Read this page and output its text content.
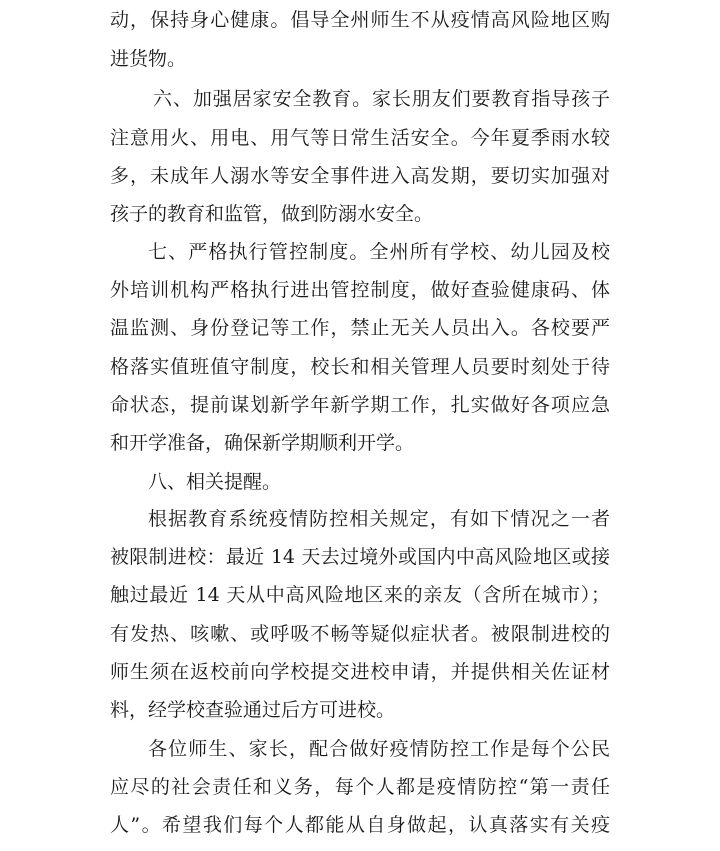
动，保持身心健康。倡导全州师生不从疫情高风险地区购
进货物。
六、加强居家安全教育。家长朋友们要教育指导孩子
注意用火、用电、用气等日常生活安全。今年夏季雨水较
多，未成年人溺水等安全事件进入高发期，要切实加强对
孩子的教育和监管，做到防溺水安全。
七、严格执行管控制度。全州所有学校、幼儿园及校
外培训机构严格执行进出管控制度，做好查验健康码、体
温监测、身份登记等工作，禁止无关人员出入。各校要严
格落实值班值守制度，校长和相关管理人员要时刻处于待
命状态，提前谋划新学年新学期工作，扎实做好各项应急
和开学准备，确保新学期顺利开学。
八、相关提醒。
根据教育系统疫情防控相关规定，有如下情况之一者
被限制进校：最近 14 天去过境外或国内中高风险地区或接
触过最近 14 天从中高风险地区来的亲友（含所在城市）；
有发热、咳嗽、或呼吸不畅等疑似症状者。被限制进校的
师生须在返校前向学校提交进校申请，并提供相关佐证材
料，经学校查验通过后方可进校。
各位师生、家长，配合做好疫情防控工作是每个公民
应尽的社会责任和义务，每个人都是疫情防控“第一责任
人”。希望我们每个人都能从自身做起，认真落实有关疫
